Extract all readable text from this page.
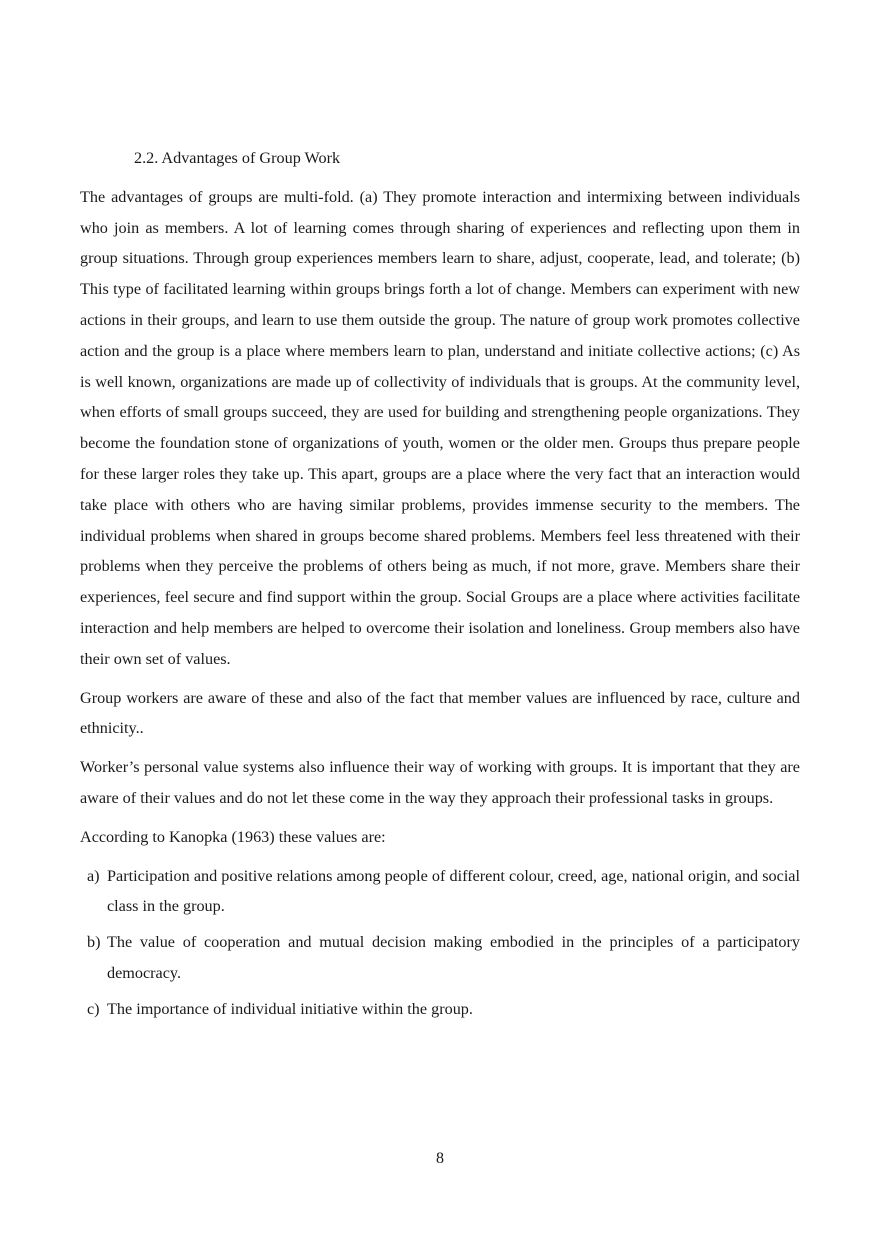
2.2. Advantages of Group Work

The advantages of groups are multi-fold. (a) They promote interaction and intermixing between individuals who join as members. A lot of learning comes through sharing of experiences and reflecting upon them in group situations. Through group experiences members learn to share, adjust, cooperate, lead, and tolerate; (b) This type of facilitated learning within groups brings forth a lot of change. Members can experiment with new actions in their groups, and learn to use them outside the group. The nature of group work promotes collective action and the group is a place where members learn to plan, understand and initiate collective actions; (c) As is well known, organizations are made up of collectivity of individuals that is groups. At the community level, when efforts of small groups succeed, they are used for building and strengthening people organizations. They become the foundation stone of organizations of youth, women or the older men. Groups thus prepare people for these larger roles they take up. This apart, groups are a place where the very fact that an interaction would take place with others who are having similar problems, provides immense security to the members. The individual problems when shared in groups become shared problems. Members feel less threatened with their problems when they perceive the problems of others being as much, if not more, grave. Members share their experiences, feel secure and find support within the group. Social Groups are a place where activities facilitate interaction and help members are helped to overcome their isolation and loneliness. Group members also have their own set of values.

Group workers are aware of these and also of the fact that member values are influenced by race, culture and ethnicity..

Worker’s personal value systems also influence their way of working with groups. It is important that they are aware of their values and do not let these come in the way they approach their professional tasks in groups.

According to Kanopka (1963) these values are:

a) Participation and positive relations among people of different colour, creed, age, national origin, and social class in the group.
b) The value of cooperation and mutual decision making embodied in the principles of a participatory democracy.
c) The importance of individual initiative within the group.
8
